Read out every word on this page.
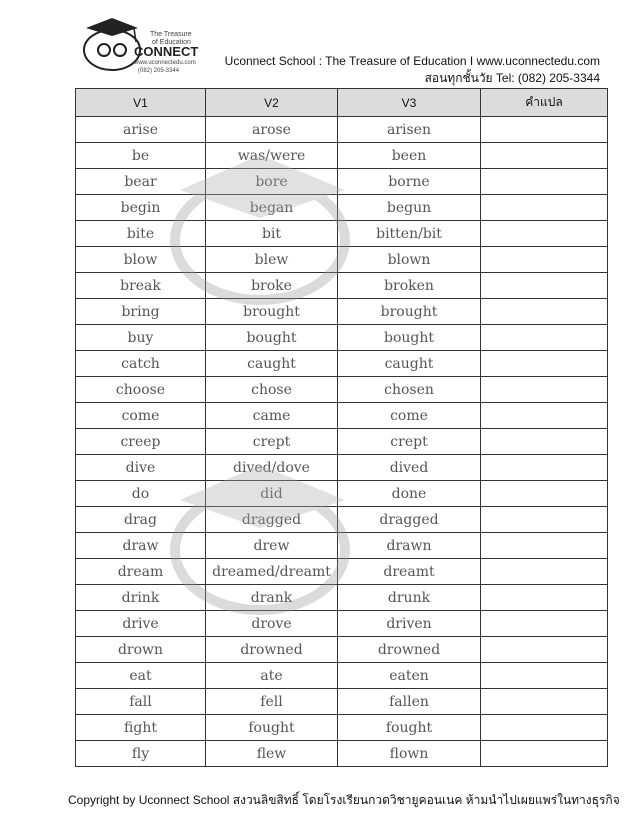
The Treasure
of Education
CONNECT
www.uconnectedu.com
(082) 205-3344
Uconnect School : The Treasure of Education I www.uconnectedu.com
สอนทุกชั้นวัย Tel: (082) 205-3344
V1	V2	V3	คำแปล
arise	arose	arisen	
be	was/were	been	
bear	bore	borne	
begin	began	begun	
bite	bit	bitten/bit	
blow	blew	blown	
break	broke	broken	
bring	brought	brought	
buy	bought	bought	
catch	caught	caught	
choose	chose	chosen	
come	came	come	
creep	crept	crept	
dive	dived/dove	dived	
do	did	done	
drag	dragged	dragged	
draw	drew	drawn	
dream	dreamed/dreamt	dreamt	
drink	drank	drunk	
drive	drove	driven	
drown	drowned	drowned	
eat	ate	eaten	
fall	fell	fallen	
fight	fought	fought	
fly	flew	flown	
Copyright by Uconnect School สงวนลิขสิทธิ์ โดยโรงเรียนกวดวิชายูคอนเนค ห้ามนำไปเผยแพร่ในทางธุรกิจ
